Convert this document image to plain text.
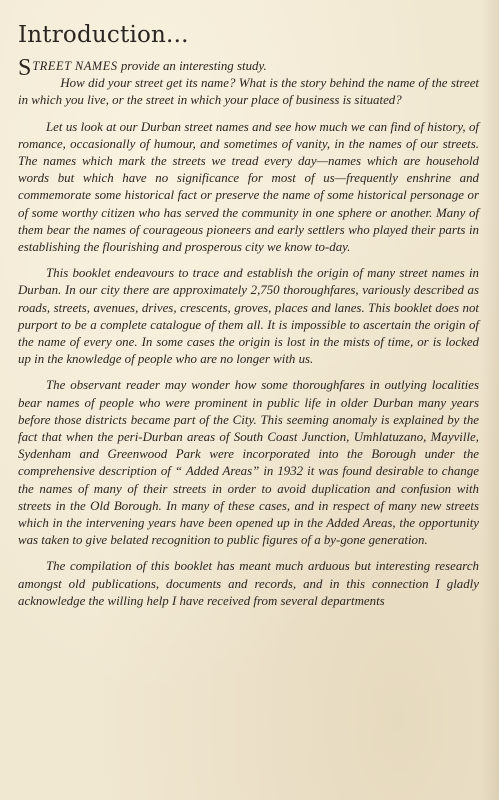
Introduction...

STREET NAMES provide an interesting study.
How did your street get its name? What is the story behind the name of the street in which you live, or the street in which your place of business is situated?

Let us look at our Durban street names and see how much we can find of history, of romance, occasionally of humour, and sometimes of vanity, in the names of our streets. The names which mark the streets we tread every day—names which are household words but which have no significance for most of us—frequently enshrine and commemorate some historical fact or preserve the name of some historical personage or of some worthy citizen who has served the community in one sphere or another. Many of them bear the names of courageous pioneers and early settlers who played their parts in establishing the flourishing and prosperous city we know to-day.

This booklet endeavours to trace and establish the origin of many street names in Durban. In our city there are approximately 2,750 thoroughfares, variously described as roads, streets, avenues, drives, crescents, groves, places and lanes. This booklet does not purport to be a complete catalogue of them all. It is impossible to ascertain the origin of the name of every one. In some cases the origin is lost in the mists of time, or is locked up in the knowledge of people who are no longer with us.

The observant reader may wonder how some thoroughfares in outlying localities bear names of people who were prominent in public life in older Durban many years before those districts became part of the City. This seeming anomaly is explained by the fact that when the peri-Durban areas of South Coast Junction, Umhlatuzano, Mayville, Sydenham and Greenwood Park were incorporated into the Borough under the comprehensive description of “ Added Areas” in 1932 it was found desirable to change the names of many of their streets in order to avoid duplication and confusion with streets in the Old Borough. In many of these cases, and in respect of many new streets which in the intervening years have been opened up in the Added Areas, the opportunity was taken to give belated recognition to public figures of a by-gone generation.

The compilation of this booklet has meant much arduous but interesting research amongst old publications, documents and records, and in this connection I gladly acknowledge the willing help I have received from several departments
